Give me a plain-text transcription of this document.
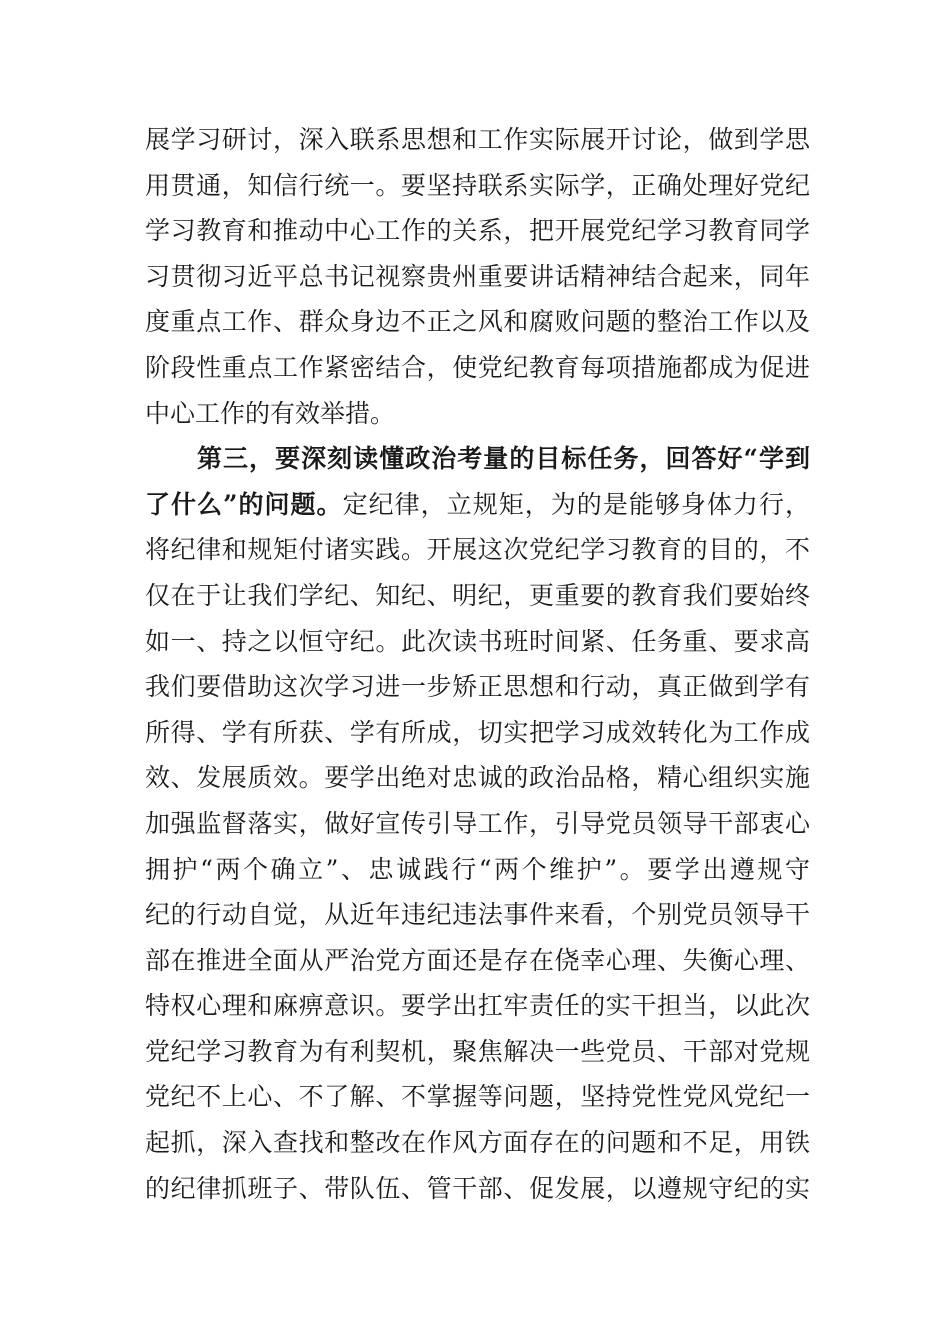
展学习研讨，深入联系思想和工作实际展开讨论，做到学思
用贯通，知信行统一。要坚持联系实际学，正确处理好党纪
学习教育和推动中心工作的关系，把开展党纪学习教育同学
习贯彻习近平总书记视察贵州重要讲话精神结合起来，同年
度重点工作、群众身边不正之风和腐败问题的整治工作以及
阶段性重点工作紧密结合，使党纪教育每项措施都成为促进
中心工作的有效举措。
第三，要深刻读懂政治考量的目标任务，回答好“学到
了什么”的问题。定纪律，立规矩，为的是能够身体力行，
将纪律和规矩付诸实践。开展这次党纪学习教育的目的，不
仅在于让我们学纪、知纪、明纪，更重要的教育我们要始终
如一、持之以恒守纪。此次读书班时间紧、任务重、要求高
我们要借助这次学习进一步矫正思想和行动，真正做到学有
所得、学有所获、学有所成，切实把学习成效转化为工作成
效、发展质效。要学出绝对忠诚的政治品格，精心组织实施
加强监督落实，做好宣传引导工作，引导党员领导干部衷心
拥护“两个确立”、忠诚践行“两个维护”。要学出遵规守
纪的行动自觉，从近年违纪违法事件来看，个别党员领导干
部在推进全面从严治党方面还是存在侥幸心理、失衡心理、
特权心理和麻痹意识。要学出扛牢责任的实干担当，以此次
党纪学习教育为有利契机，聚焦解决一些党员、干部对党规
党纪不上心、不了解、不掌握等问题，坚持党性党风党纪一
起抓，深入查找和整改在作风方面存在的问题和不足，用铁
的纪律抓班子、带队伍、管干部、促发展，以遵规守纪的实
